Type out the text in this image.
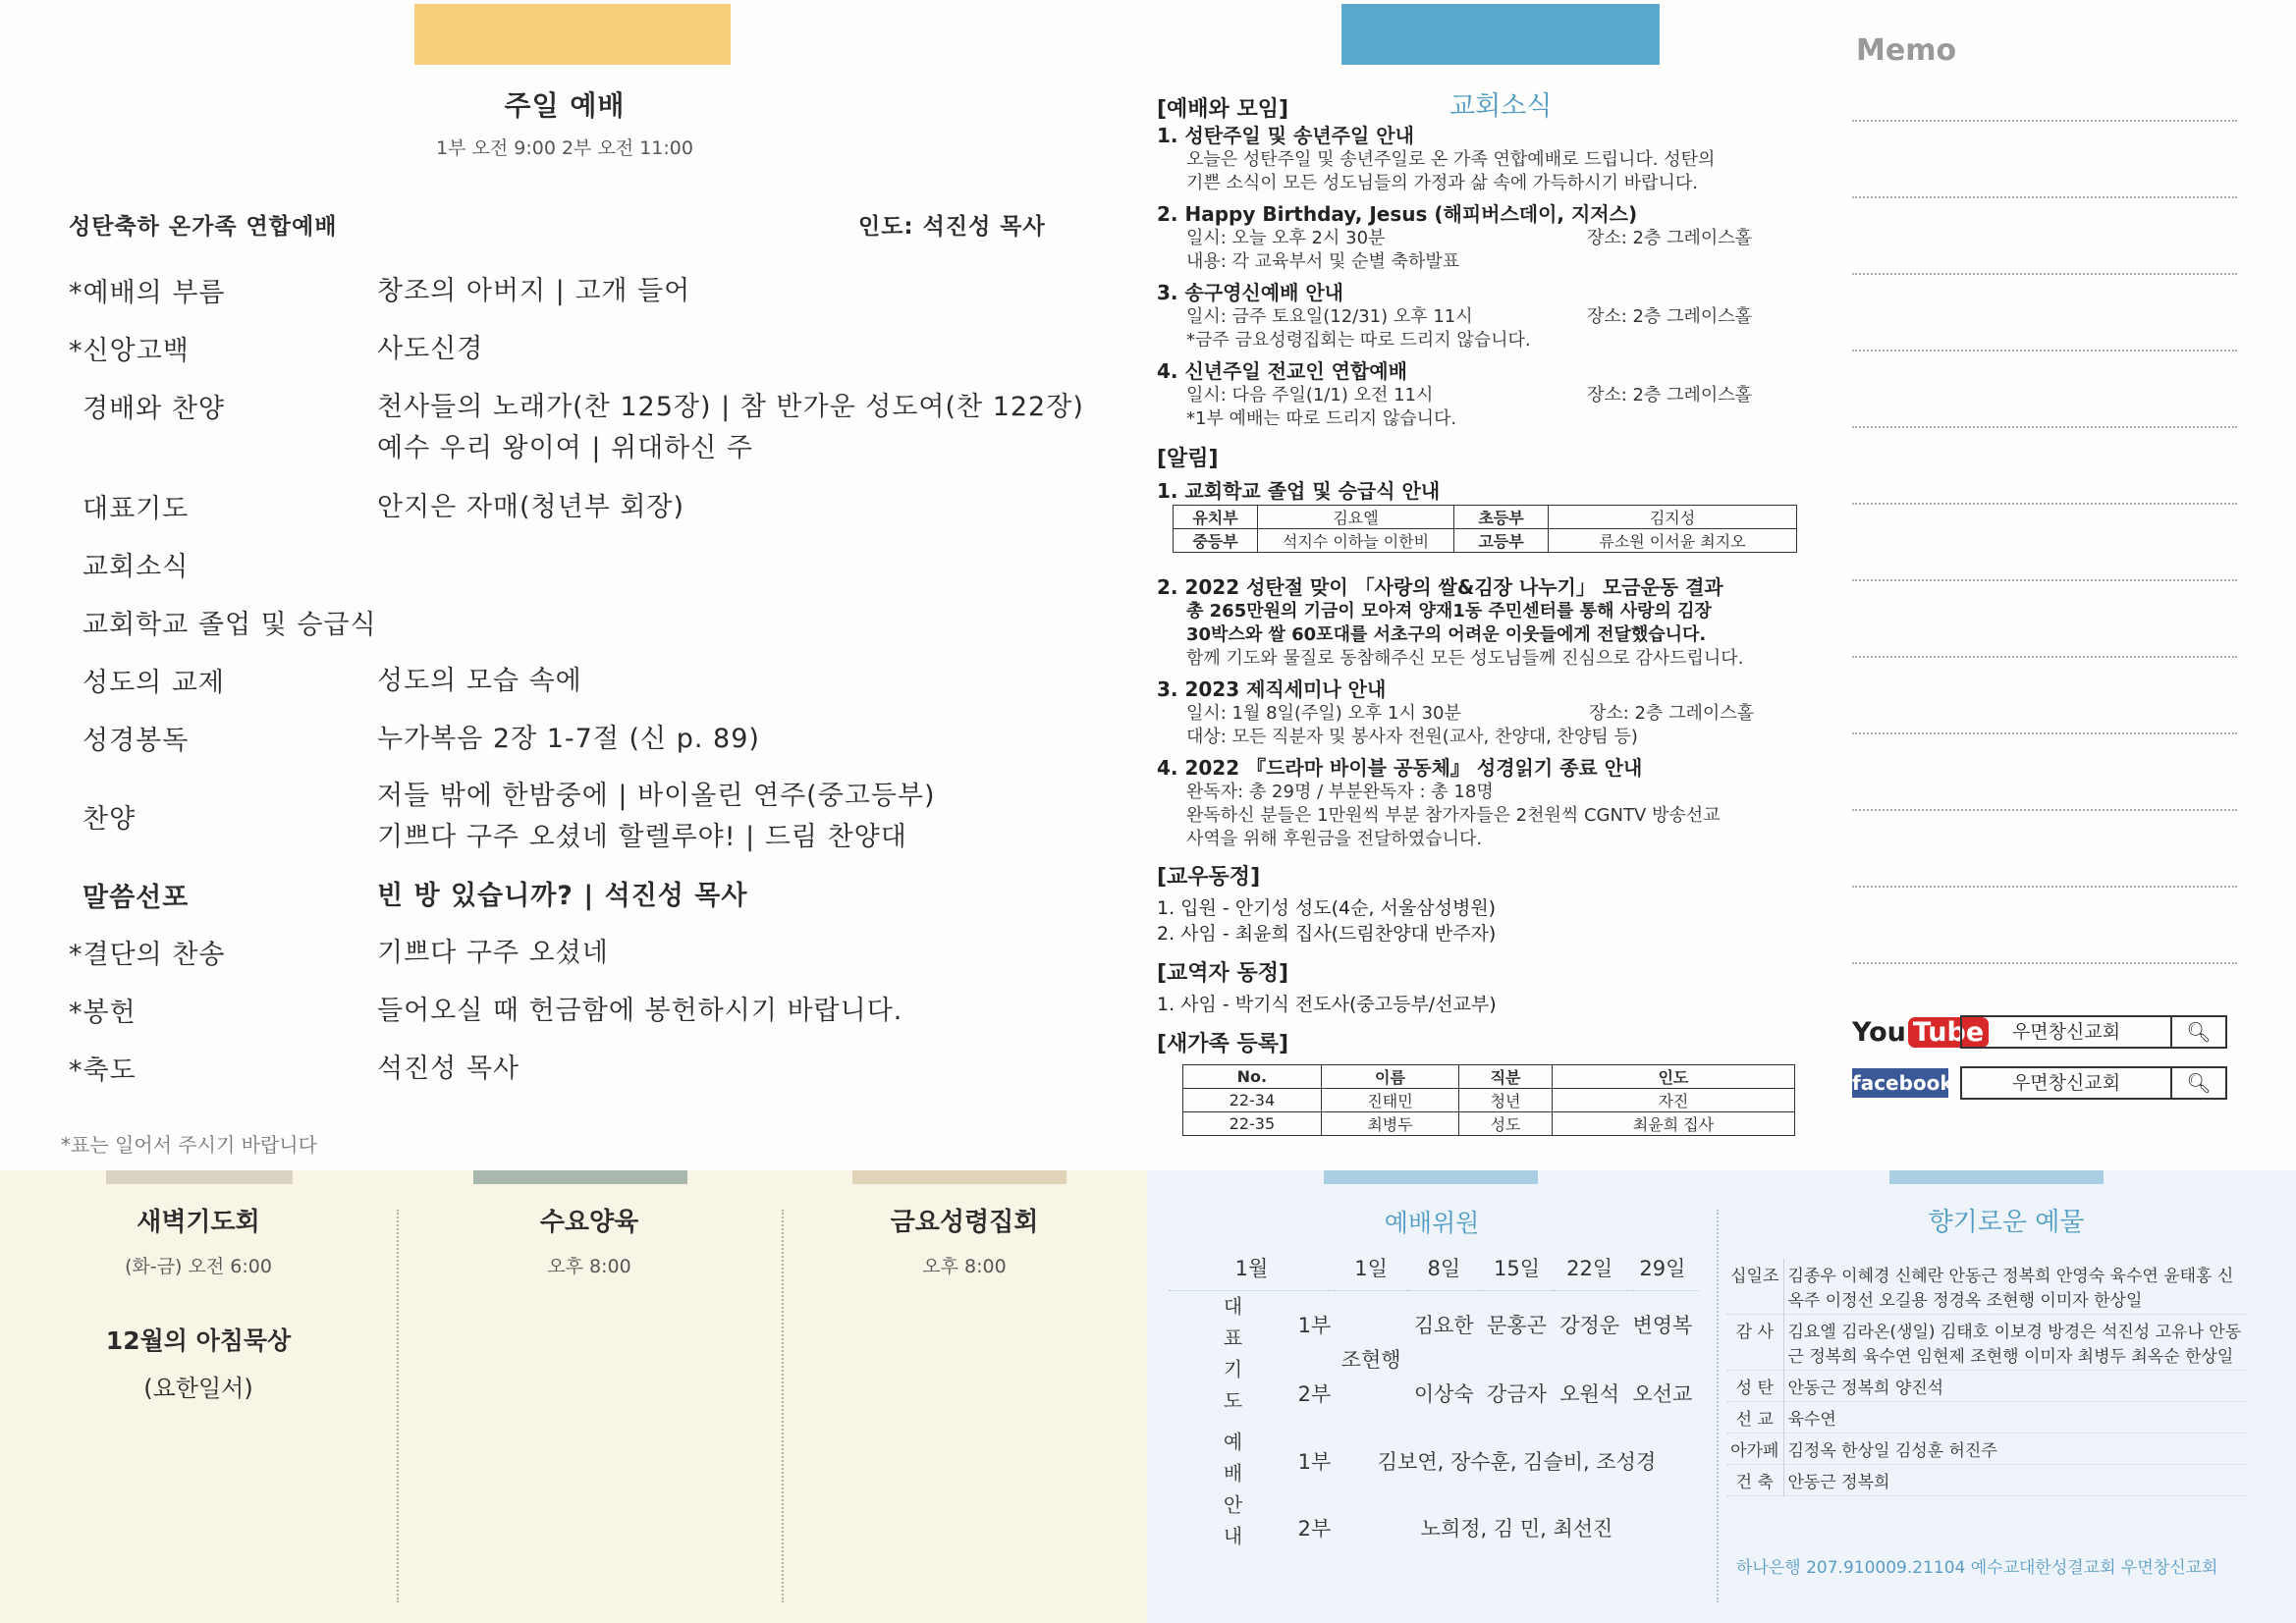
주일 예배
1부 오전 9:00 2부 오전 11:00
성탄축하 온가족 연합예배	인도: 석진성 목사
*예배의 부름	창조의 아버지 | 고개 들어
*신앙고백	사도신경
경배와 찬양	천사들의 노래가(찬 125장) | 참 반가운 성도여(찬 122장)
예수 우리 왕이여 | 위대하신 주
대표기도	안지은 자매(청년부 회장)
교회소식
교회학교 졸업 및 승급식
성도의 교제	성도의 모습 속에
성경봉독	누가복음 2장 1-7절 (신 p. 89)
찬양
저들 밖에 한밤중에 | 바이올린 연주(중고등부)
기쁘다 구주 오셨네 할렐루야! | 드림 찬양대
말씀선포	빈 방 있습니까? | 석진성 목사
*결단의 찬송	기쁘다 구주 오셨네
*봉헌	들어오실 때 헌금함에 봉헌하시기 바랍니다.
*축도	석진성 목사
*표는 일어서 주시기 바랍니다
새벽기도회
(화-금) 오전 6:00
12월의 아침묵상
(요한일서)
수요양육
오후 8:00
금요성령집회
오후 8:00
교회소식
[예배와 모임]
1. 성탄주일 및 송년주일 안내
오늘은 성탄주일 및 송년주일로 온 가족 연합예배로 드립니다. 성탄의
기쁜 소식이 모든 성도님들의 가정과 삶 속에 가득하시기 바랍니다.
2. Happy Birthday, Jesus (해피버스데이, 지저스)
일시: 오늘 오후 2시 30분	장소: 2층 그레이스홀
내용: 각 교육부서 및 순별 축하발표
3. 송구영신예배 안내
일시: 금주 토요일(12/31) 오후 11시	장소: 2층 그레이스홀
*금주 금요성령집회는 따로 드리지 않습니다.
4. 신년주일 전교인 연합예배
일시: 다음 주일(1/1) 오전 11시	장소: 2층 그레이스홀
*1부 예배는 따로 드리지 않습니다.
[알림]
1. 교회학교 졸업 및 승급식 안내
유치부	김요엘	초등부	김지성
중등부	석지수 이하늘 이한비	고등부	류소원 이서윤 최지오
2. 2022 성탄절 맞이 「사랑의 쌀&김장 나누기」 모금운동 결과
총 265만원의 기금이 모아져 양재1동 주민센터를 통해 사랑의 김장
30박스와 쌀 60포대를 서초구의 어려운 이웃들에게 전달했습니다.
함께 기도와 물질로 동참해주신 모든 성도님들께 진심으로 감사드립니다.
3. 2023 제직세미나 안내
일시: 1월 8일(주일) 오후 1시 30분	장소: 2층 그레이스홀
대상: 모든 직분자 및 봉사자 전원(교사, 찬양대, 찬양팀 등)
4. 2022 『드라마 바이블 공동체』 성경읽기 종료 안내
완독자: 총 29명 / 부분완독자 : 총 18명
완독하신 분들은 1만원씩 부분 참가자들은 2천원씩 CGNTV 방송선교
사역을 위해 후원금을 전달하였습니다.
[교우동정]
1. 입원 - 안기성 성도(4순, 서울삼성병원)
2. 사임 - 최윤희 집사(드림찬양대 반주자)
[교역자 동정]
1. 사임 - 박기식 전도사(중고등부/선교부)
[새가족 등록]
No.	이름	직분	인도
22-34	진태민	청년	자진
22-35	최병두	성도	최윤희 집사
Memo
You Tube	우면창신교회	🔍︎
facebook	우면창신교회	🔍︎
예배위원	향기로운 예물
1월		1일	8일	15일	22일	29일
대표기도	1부	조현행	김요한	문홍곤	강정운	변영복
	2부		이상숙	강금자	오원석	오선교
예배안내	1부	김보연, 장수훈, 김슬비, 조성경				
	2부	노희정, 김 민, 최선진				
십일조	김종우 이혜경 신혜란 안동근 정복희 안영숙 육수연 윤태홍 신옥주 이정선 오길용 정경옥 조현행 이미자 한상일
감 사	김요엘 김라온(생일) 김태호 이보경 방경은 석진성 고유나 안동근 정복희 육수연 임현제 조현행 이미자 최병두 최옥순 한상일
성 탄	안동근 정복희 양진석
선 교	육수연
아가페	김정옥 한상일 김성훈 허진주
건 축	안동근 정복희
하나은행 207.910009.21104 예수교대한성결교회 우면창신교회
